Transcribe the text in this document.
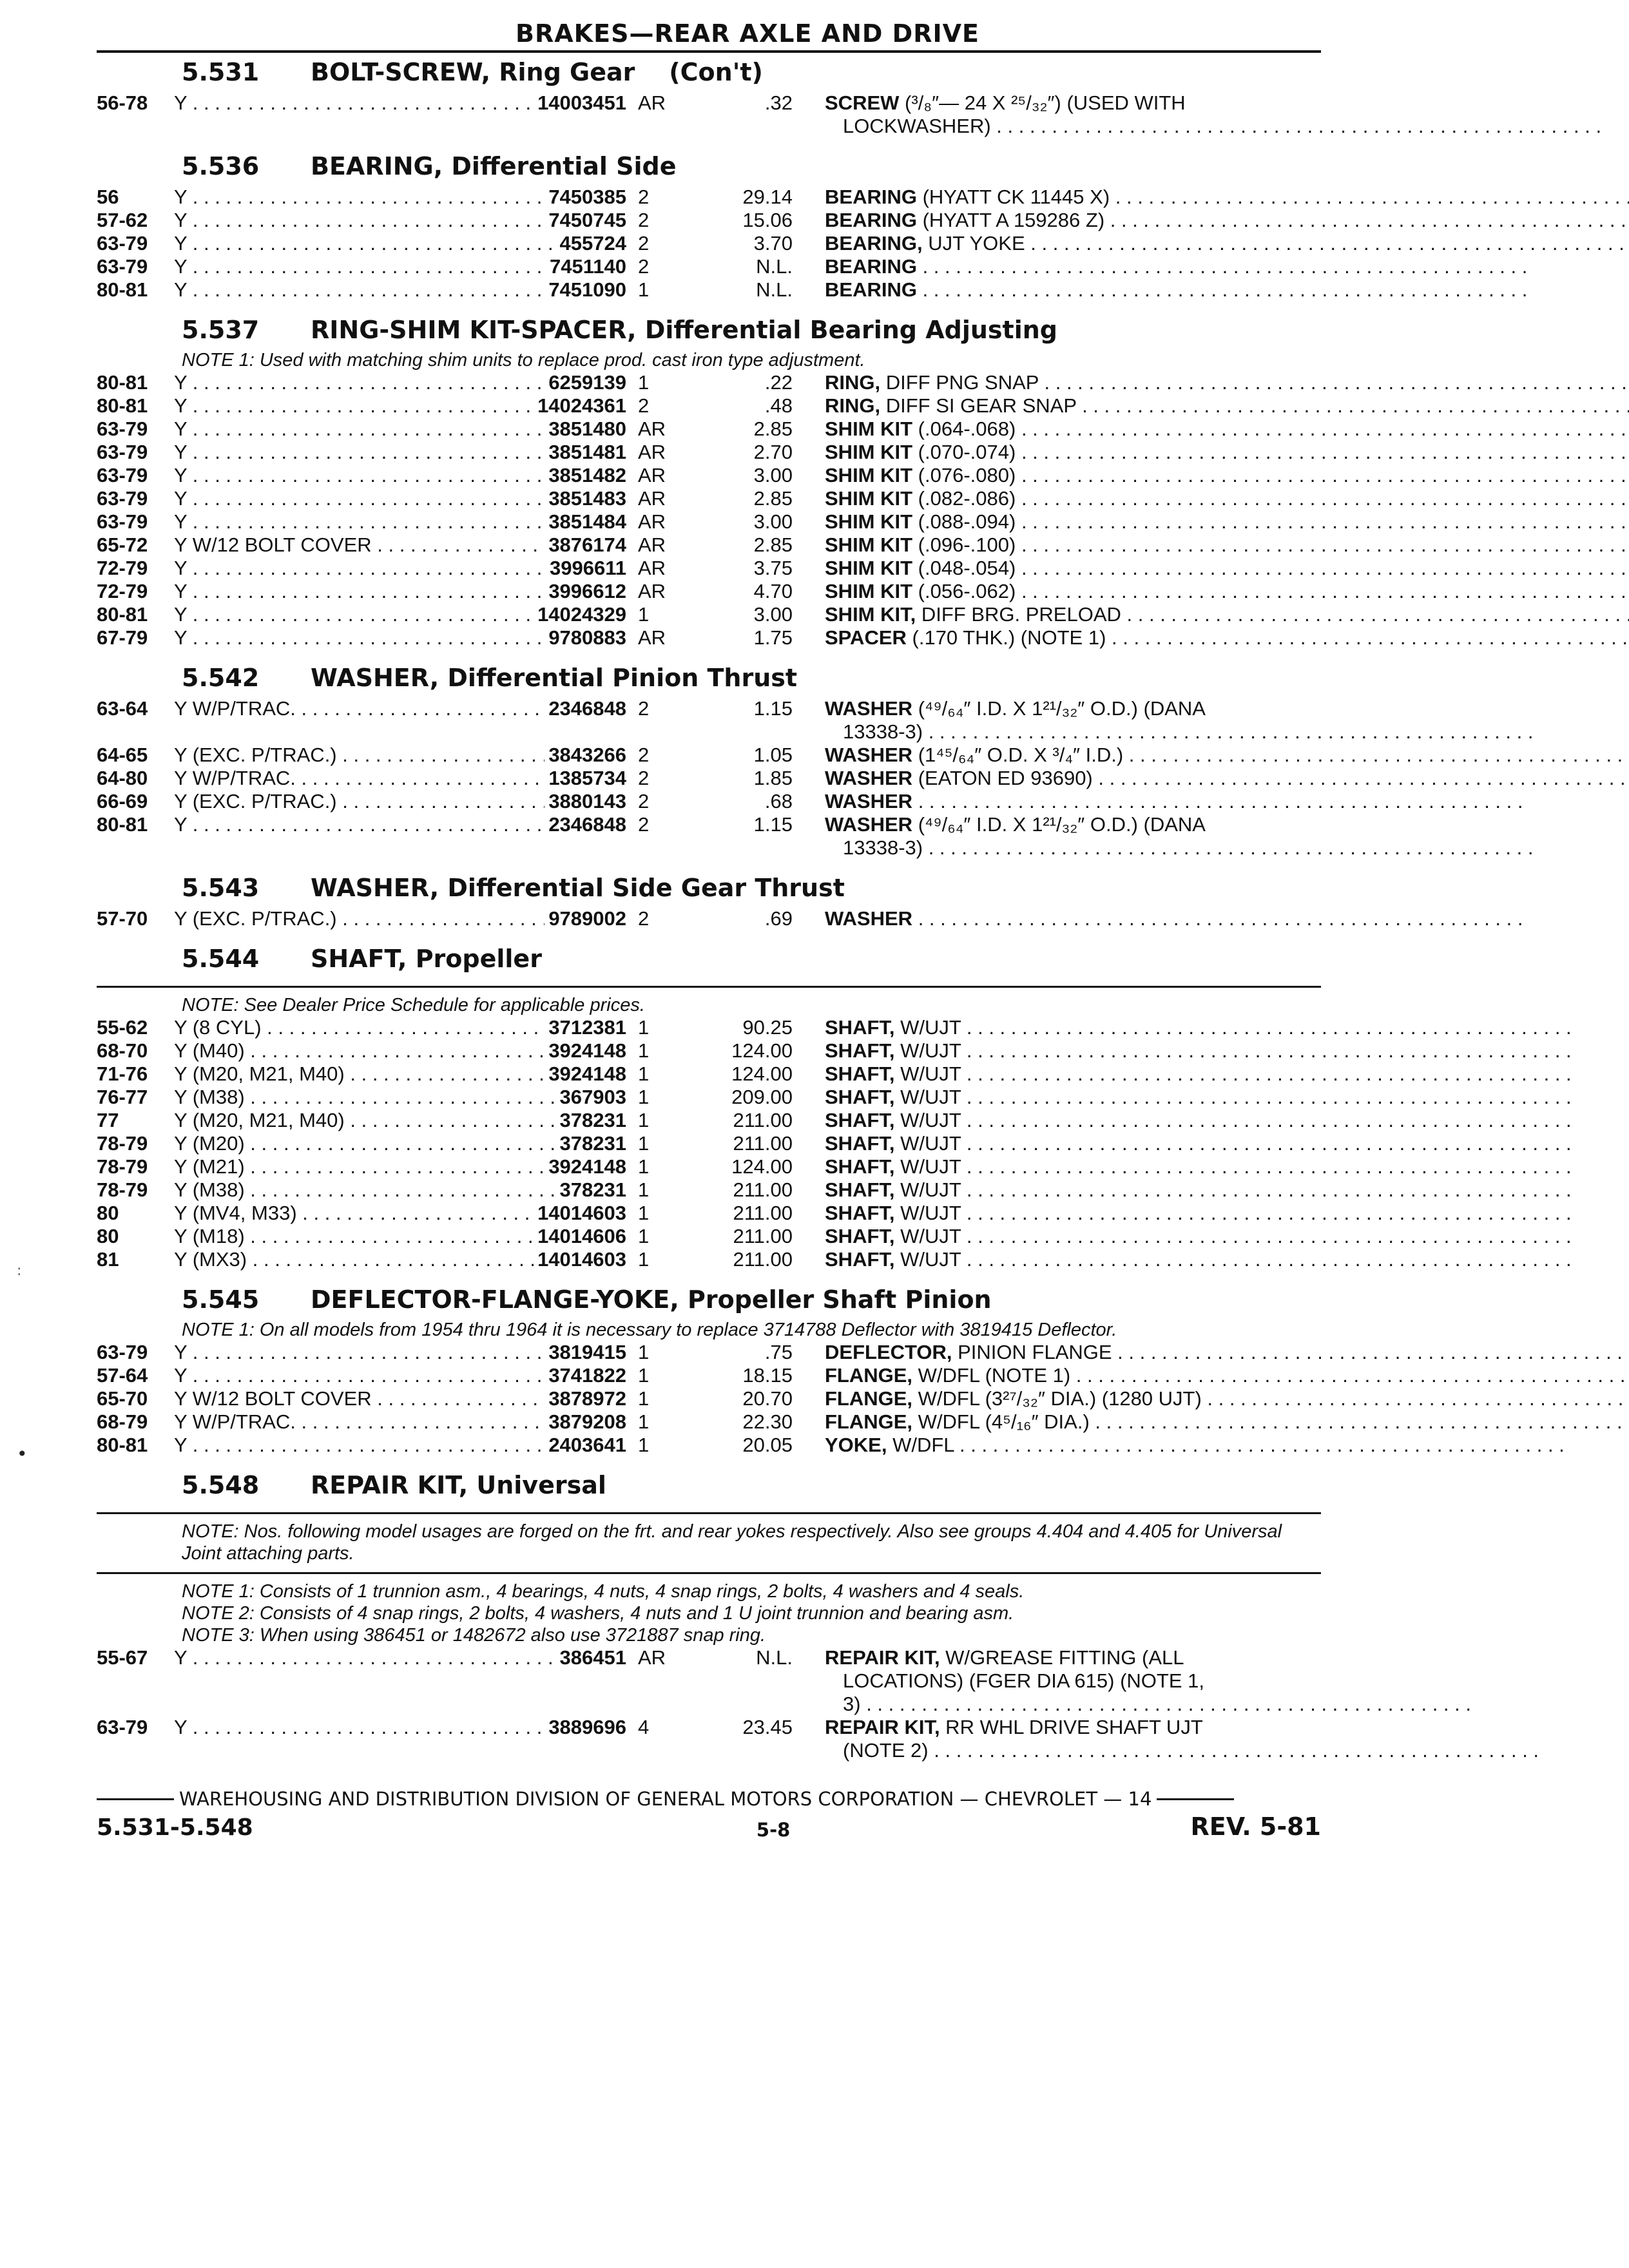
BRAKES—REAR AXLE AND DRIVE
5.531	BOLT-SCREW, Ring Gear    (Con't)
56-78	Y . . .	14003451 AR	.32 SCREW (³/₈″— 24 X ²⁵/₃₂″) (USED WITH
LOCKWASHER) . . .
5.536	BEARING, Differential Side
56	Y . . .	7450385 2	29.14 BEARING (HYATT CK 11445 X) . . .
57-62	Y . . .	7450745 2	15.06 BEARING (HYATT A 159286 Z) . . .
63-79	Y . . .	455724 2	3.70 BEARING, UJT YOKE . . .
63-79	Y . . .	7451140 2	N.L. BEARING . . .
80-81	Y . . .	7451090 1	N.L. BEARING . . .
5.537	RING-SHIM KIT-SPACER, Differential Bearing Adjusting
NOTE 1: Used with matching shim units to replace prod. cast iron type adjustment.
80-81	Y . . .	6259139 1	.22 RING, DIFF PNG SNAP . . .
80-81	Y . . .	14024361 2	.48 RING, DIFF SI GEAR SNAP . . .
63-79	Y . . .	3851480 AR	2.85 SHIM KIT (.064-.068) . . .
63-79	Y . . .	3851481 AR	2.70 SHIM KIT (.070-.074) . . .
63-79	Y . . .	3851482 AR	3.00 SHIM KIT (.076-.080) . . .
63-79	Y . . .	3851483 AR	2.85 SHIM KIT (.082-.086) . . .
63-79	Y . . .	3851484 AR	3.00 SHIM KIT (.088-.094) . . .
65-72	Y W/12 BOLT COVER . . .	3876174 AR	2.85 SHIM KIT (.096-.100) . . .
72-79	Y . . .	3996611 AR	3.75 SHIM KIT (.048-.054) . . .
72-79	Y . . .	3996612 AR	4.70 SHIM KIT (.056-.062) . . .
80-81	Y . . .	14024329 1	3.00 SHIM KIT, DIFF BRG. PRELOAD . . .
67-79	Y . . .	9780883 AR	1.75 SPACER (.170 THK.) (NOTE 1) . . .
5.542	WASHER, Differential Pinion Thrust
63-64	Y W/P/TRAC. . . .	2346848 2	1.15 WASHER (⁴⁹/₆₄″ I.D. X 1²¹/₃₂″ O.D.) (DANA
13338-3) . . .
64-65	Y (EXC. P/TRAC.) . . .	3843266 2	1.05 WASHER (1⁴⁵/₆₄″ O.D. X ³/₄″ I.D.) . . .
64-80	Y W/P/TRAC. . . .	1385734 2	1.85 WASHER (EATON ED 93690) . . .
66-69	Y (EXC. P/TRAC.) . . .	3880143 2	.68 WASHER . . .
80-81	Y . . .	2346848 2	1.15 WASHER (⁴⁹/₆₄″ I.D. X 1²¹/₃₂″ O.D.) (DANA
13338-3) . . .
5.543	WASHER, Differential Side Gear Thrust
57-70	Y (EXC. P/TRAC.) . . .	9789002 2	.69 WASHER . . .
5.544	SHAFT, Propeller
NOTE: See Dealer Price Schedule for applicable prices.
55-62	Y (8 CYL) . . .	3712381 1	90.25 SHAFT, W/UJT . . .
68-70	Y (M40) . . .	3924148 1	124.00 SHAFT, W/UJT . . .
71-76	Y (M20, M21, M40) . . .	3924148 1	124.00 SHAFT, W/UJT . . .
76-77	Y (M38) . . .	367903 1	209.00 SHAFT, W/UJT . . .
77	Y (M20, M21, M40) . . .	378231 1	211.00 SHAFT, W/UJT . . .
78-79	Y (M20) . . .	378231 1	211.00 SHAFT, W/UJT . . .
78-79	Y (M21) . . .	3924148 1	124.00 SHAFT, W/UJT . . .
78-79	Y (M38) . . .	378231 1	211.00 SHAFT, W/UJT . . .
80	Y (MV4, M33) . . .	14014603 1	211.00 SHAFT, W/UJT . . .
80	Y (M18) . . .	14014606 1	211.00 SHAFT, W/UJT . . .
81	Y (MX3) . . .	14014603 1	211.00 SHAFT, W/UJT . . .
5.545	DEFLECTOR-FLANGE-YOKE, Propeller Shaft Pinion
NOTE 1: On all models from 1954 thru 1964 it is necessary to replace 3714788 Deflector with 3819415 Deflector.
63-79	Y . . .	3819415 1	.75 DEFLECTOR, PINION FLANGE . . .
57-64	Y . . .	3741822 1	18.15 FLANGE, W/DFL (NOTE 1) . . .
65-70	Y W/12 BOLT COVER . . .	3878972 1	20.70 FLANGE, W/DFL (3²⁷/₃₂″ DIA.) (1280 UJT) . . .
68-79	Y W/P/TRAC. . . .	3879208 1	22.30 FLANGE, W/DFL (4⁵/₁₆″ DIA.) . . .
80-81	Y . . .	2403641 1	20.05 YOKE, W/DFL . . .
5.548	REPAIR KIT, Universal
NOTE: Nos. following model usages are forged on the frt. and rear yokes respectively. Also see groups 4.404 and 4.405 for Universal Joint attaching parts.
NOTE 1: Consists of 1 trunnion asm., 4 bearings, 4 nuts, 4 snap rings, 2 bolts, 4 washers and 4 seals.
NOTE 2: Consists of 4 snap rings, 2 bolts, 4 washers, 4 nuts and 1 U joint trunnion and bearing asm.
NOTE 3: When using 386451 or 1482672 also use 3721887 snap ring.
55-67	Y . . .	386451 AR	N.L. REPAIR KIT, W/GREASE FITTING (ALL
LOCATIONS) (FGER DIA 615) (NOTE 1,
3) . . .
63-79	Y . . .	3889696 4	23.45 REPAIR KIT, RR WHL DRIVE SHAFT UJT
(NOTE 2) . . .
WAREHOUSING AND DISTRIBUTION DIVISION OF GENERAL MOTORS CORPORATION — CHEVROLET — 14
5.531-5.548	5-8	REV. 5-81
:
•
